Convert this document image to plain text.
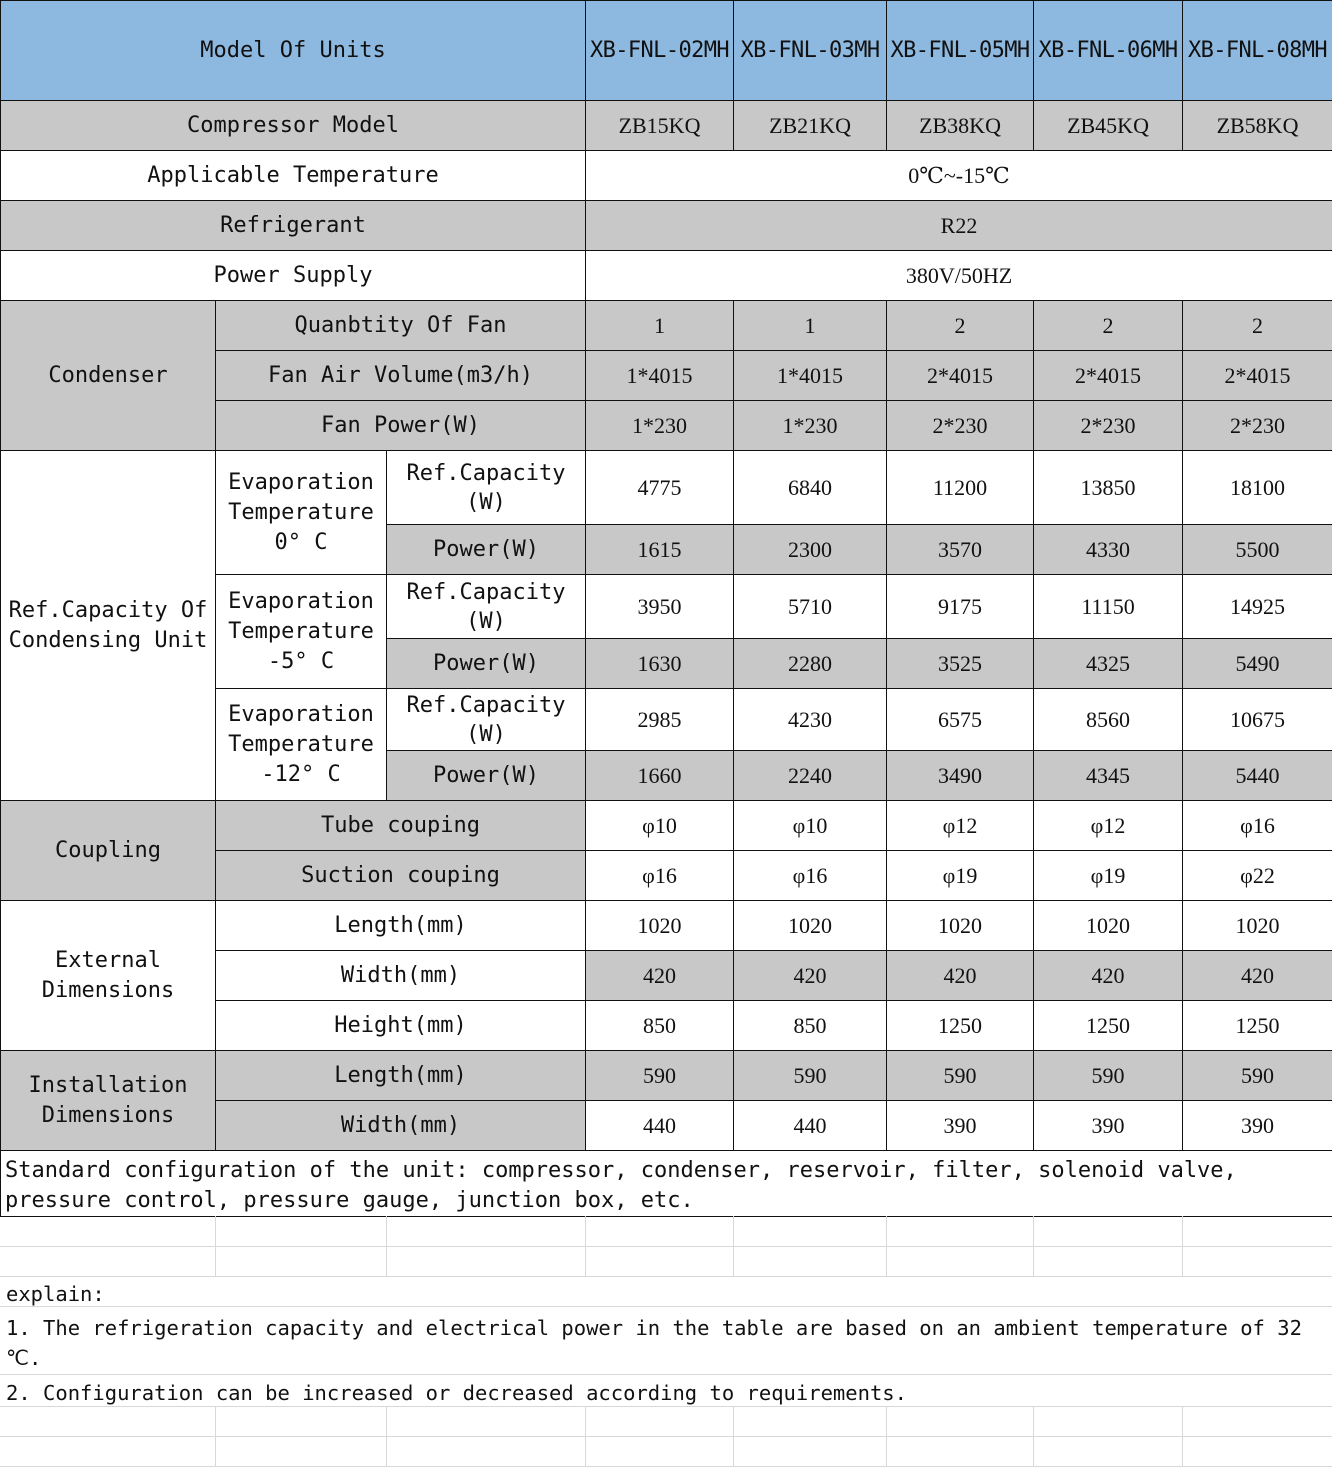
Model Of Units			XB-FNL-02MH	XB-FNL-03MH	XB-FNL-05MH	XB-FNL-06MH	XB-FNL-08MH
Compressor Model			ZB15KQ	ZB21KQ	ZB38KQ	ZB45KQ	ZB58KQ
Applicable Temperature			0℃~-15℃				
Refrigerant			R22				
Power Supply			380V/50HZ				
Condenser	Quanbtity Of Fan		1	1	2	2	2
	Fan Air Volume(m3/h)		1*4015	1*4015	2*4015	2*4015	2*4015
	Fan Power(W)		1*230	1*230	2*230	2*230	2*230
Ref.Capacity Of Condensing Unit	Evaporation Temperature 0° C	Ref.Capacity (W)	4775	6840	11200	13850	18100
		Power(W)	1615	2300	3570	4330	5500
	Evaporation Temperature -5° C	Ref.Capacity (W)	3950	5710	9175	11150	14925
		Power(W)	1630	2280	3525	4325	5490
	Evaporation Temperature -12° C	Ref.Capacity (W)	2985	4230	6575	8560	10675
		Power(W)	1660	2240	3490	4345	5440
Coupling	Tube couping		φ10	φ10	φ12	φ12	φ16
	Suction couping		φ16	φ16	φ19	φ19	φ22
External Dimensions	Length(mm)		1020	1020	1020	1020	1020
	Width(mm)		420	420	420	420	420
	Height(mm)		850	850	1250	1250	1250
Installation Dimensions	Length(mm)		590	590	590	590	590
	Width(mm)		440	440	390	390	390
Standard configuration of the unit: compressor, condenser, reservoir, filter, solenoid valve, pressure control, pressure gauge, junction box, etc.							
explain:
1. The refrigeration capacity and electrical power in the table are based on an ambient temperature of 32 ℃.
2. Configuration can be increased or decreased according to requirements.
